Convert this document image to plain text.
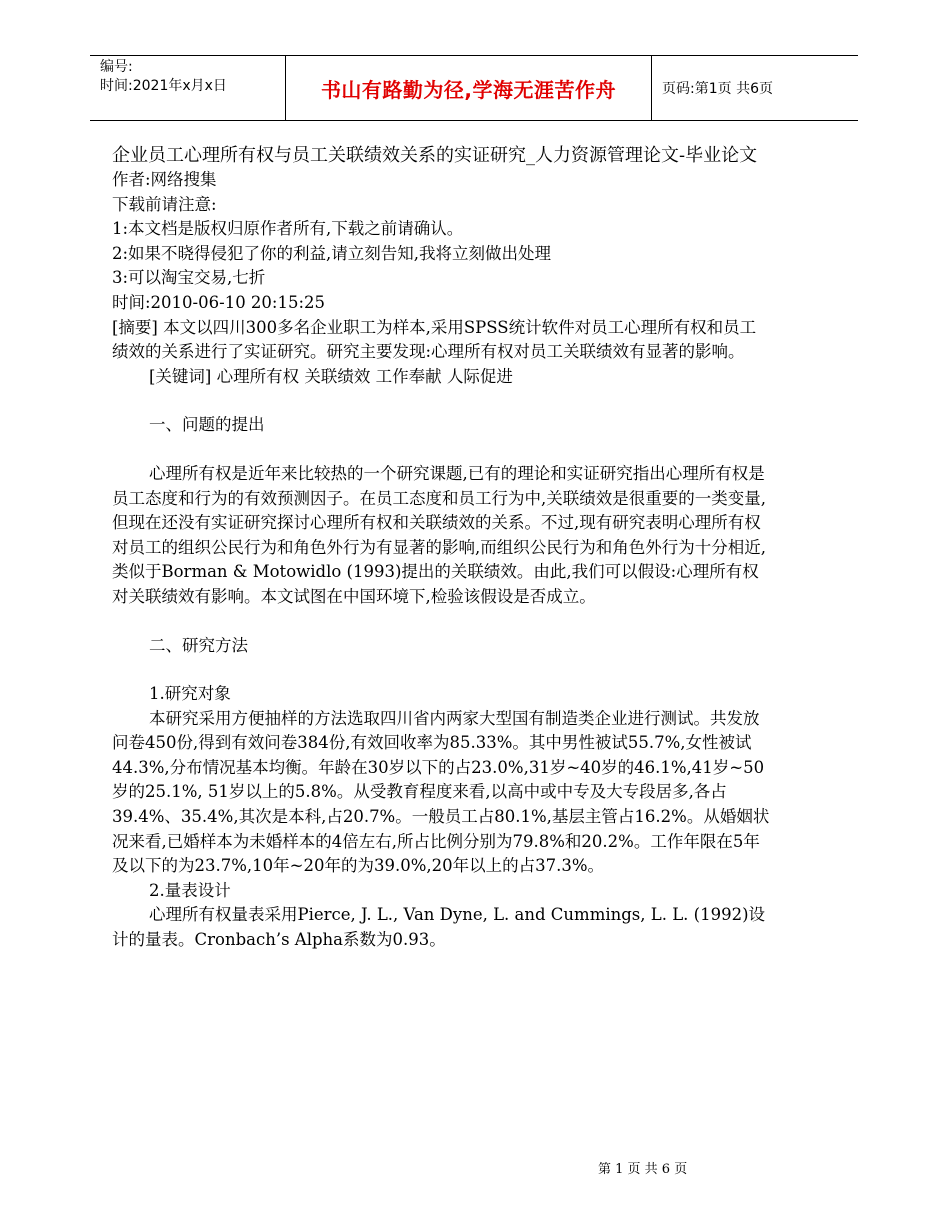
编号:
时间:2021年x月x日	书山有路勤为径,学海无涯苦作舟	页码:第1页 共6页

企业员工心理所有权与员工关联绩效关系的实证研究_人力资源管理论文-毕业论文

作者:网络搜集

下载前请注意:

1:本文档是版权归原作者所有,下载之前请确认。

2:如果不晓得侵犯了你的利益,请立刻告知,我将立刻做出处理

3:可以淘宝交易,七折

时间:2010-06-10 20:15:25

[摘要] 本文以四川300多名企业职工为样本,采用SPSS统计软件对员工心理所有权和员工绩效的关系进行了实证研究。研究主要发现:心理所有权对员工关联绩效有显著的影响。

[关键词] 心理所有权 关联绩效 工作奉献 人际促进

一、问题的提出

心理所有权是近年来比较热的一个研究课题,已有的理论和实证研究指出心理所有权是员工态度和行为的有效预测因子。在员工态度和员工行为中,关联绩效是很重要的一类变量,但现在还没有实证研究探讨心理所有权和关联绩效的关系。不过,现有研究表明心理所有权对员工的组织公民行为和角色外行为有显著的影响,而组织公民行为和角色外行为十分相近,类似于Borman & Motowidlo (1993)提出的关联绩效。由此,我们可以假设:心理所有权对关联绩效有影响。本文试图在中国环境下,检验该假设是否成立。

二、研究方法

1.研究对象

本研究采用方便抽样的方法选取四川省内两家大型国有制造类企业进行测试。共发放问卷450份,得到有效问卷384份,有效回收率为85.33%。其中男性被试55.7%,女性被试44.3%,分布情况基本均衡。年龄在30岁以下的占23.0%,31岁~40岁的46.1%,41岁~50岁的25.1%, 51岁以上的5.8%。从受教育程度来看,以高中或中专及大专段居多,各占39.4%、35.4%,其次是本科,占20.7%。一般员工占80.1%,基层主管占16.2%。从婚姻状况来看,已婚样本为未婚样本的4倍左右,所占比例分别为79.8%和20.2%。工作年限在5年及以下的为23.7%,10年~20年的为39.0%,20年以上的占37.3%。

2.量表设计

心理所有权量表采用Pierce, J. L., Van Dyne, L. and Cummings, L. L. (1992)设计的量表。Cronbach’s Alpha系数为0.93。

第 1 页 共 6 页
